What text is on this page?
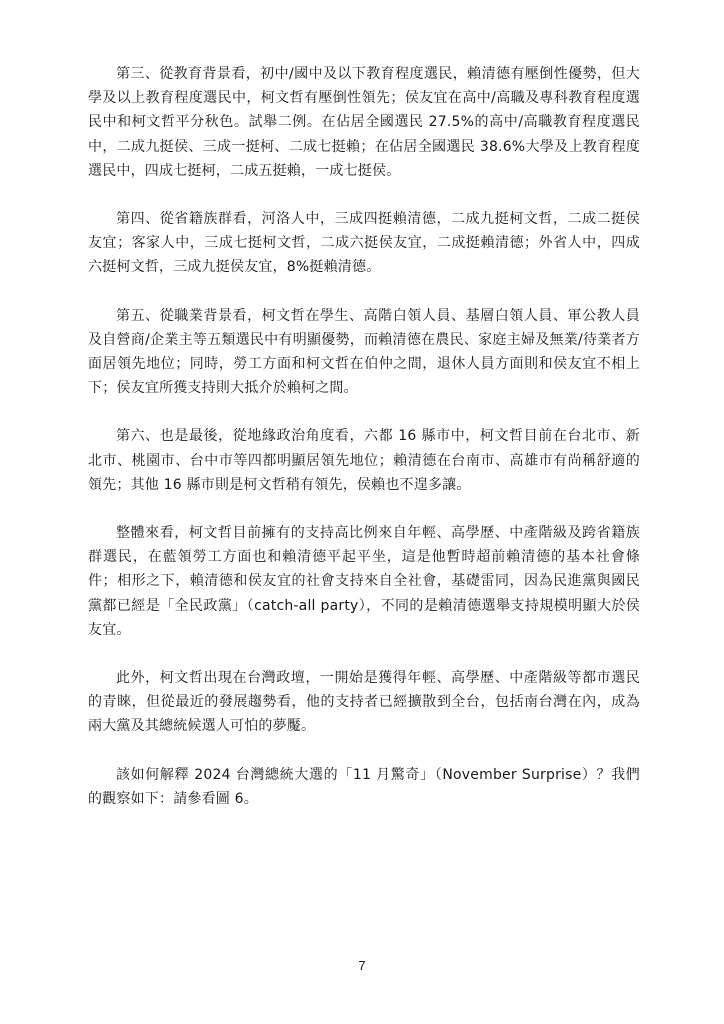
第三、從教育背景看，初中/國中及以下教育程度選民，賴清德有壓倒性優勢，但大學及以上教育程度選民中，柯文哲有壓倒性領先；侯友宜在高中/高職及專科教育程度選民中和柯文哲平分秋色。試舉二例。在佔居全國選民 27.5%的高中/高職教育程度選民中，二成九挺侯、三成一挺柯、二成七挺賴；在佔居全國選民 38.6%大學及上教育程度選民中，四成七挺柯，二成五挺賴，一成七挺侯。

第四、從省籍族群看，河洛人中，三成四挺賴清德，二成九挺柯文哲，二成二挺侯友宜；客家人中，三成七挺柯文哲，二成六挺侯友宜，二成挺賴清德；外省人中，四成六挺柯文哲，三成九挺侯友宜，8%挺賴清德。

第五、從職業背景看，柯文哲在學生、高階白領人員、基層白領人員、軍公教人員及自營商/企業主等五類選民中有明顯優勢，而賴清德在農民、家庭主婦及無業/待業者方面居領先地位；同時，勞工方面和柯文哲在伯仲之間，退休人員方面則和侯友宜不相上下；侯友宜所獲支持則大抵介於賴柯之間。

第六、也是最後，從地緣政治角度看，六都 16 縣市中，柯文哲目前在台北市、新北市、桃園市、台中市等四都明顯居領先地位；賴清德在台南市、高雄市有尚稱舒適的領先；其他 16 縣市則是柯文哲稍有領先，侯賴也不遑多讓。

整體來看，柯文哲目前擁有的支持高比例來自年輕、高學歷、中產階級及跨省籍族群選民，在藍領勞工方面也和賴清德平起平坐，這是他暫時超前賴清德的基本社會條件；相形之下，賴清德和侯友宜的社會支持來自全社會，基礎雷同，因為民進黨與國民黨都已經是「全民政黨」（catch-all party），不同的是賴清德選舉支持規模明顯大於侯友宜。

此外，柯文哲出現在台灣政壇，一開始是獲得年輕、高學歷、中產階級等都市選民的青睞，但從最近的發展趨勢看，他的支持者已經擴散到全台，包括南台灣在內，成為兩大黨及其總統候選人可怕的夢魘。

該如何解釋 2024 台灣總統大選的「11 月驚奇」（November Surprise）？我們的觀察如下：請參看圖 6。

7
